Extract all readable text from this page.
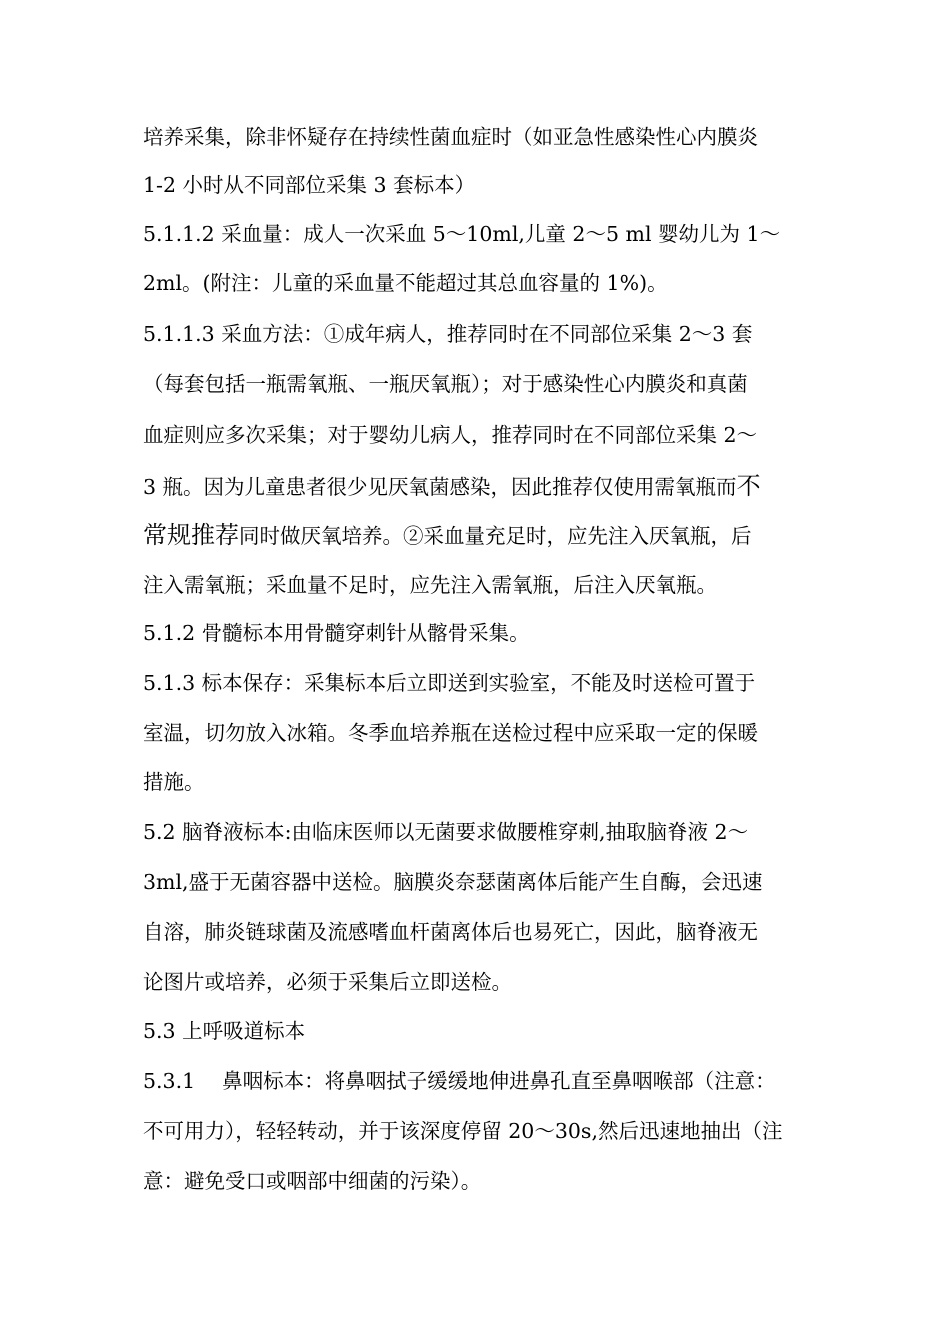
培养采集，除非怀疑存在持续性菌血症时（如亚急性感染性心内膜炎
1-2 小时从不同部位采集 3 套标本）
5.1.1.2 采血量：成人一次采血 5～10ml,儿童 2～5 ml 婴幼儿为 1～
2ml。(附注：儿童的采血量不能超过其总血容量的 1%)。
5.1.1.3 采血方法：①成年病人，推荐同时在不同部位采集 2～3 套
（每套包括一瓶需氧瓶、一瓶厌氧瓶）；对于感染性心内膜炎和真菌
血症则应多次采集；对于婴幼儿病人，推荐同时在不同部位采集 2～
3 瓶。因为儿童患者很少见厌氧菌感染，因此推荐仅使用需氧瓶而不
常规推荐同时做厌氧培养。②采血量充足时，应先注入厌氧瓶，后
注入需氧瓶；采血量不足时，应先注入需氧瓶，后注入厌氧瓶。
5.1.2 骨髓标本用骨髓穿刺针从髂骨采集。
5.1.3 标本保存：采集标本后立即送到实验室，不能及时送检可置于
室温，切勿放入冰箱。冬季血培养瓶在送检过程中应采取一定的保暖
措施。
5.2 脑脊液标本:由临床医师以无菌要求做腰椎穿刺,抽取脑脊液 2～
3ml,盛于无菌容器中送检。脑膜炎奈瑟菌离体后能产生自酶，会迅速
自溶，肺炎链球菌及流感嗜血杆菌离体后也易死亡，因此，脑脊液无
论图片或培养，必须于采集后立即送检。
5.3 上呼吸道标本
5.3.1　 鼻咽标本：将鼻咽拭子缓缓地伸进鼻孔直至鼻咽喉部（注意：
不可用力），轻轻转动，并于该深度停留 20～30s,然后迅速地抽出（注
意：避免受口或咽部中细菌的污染）。
